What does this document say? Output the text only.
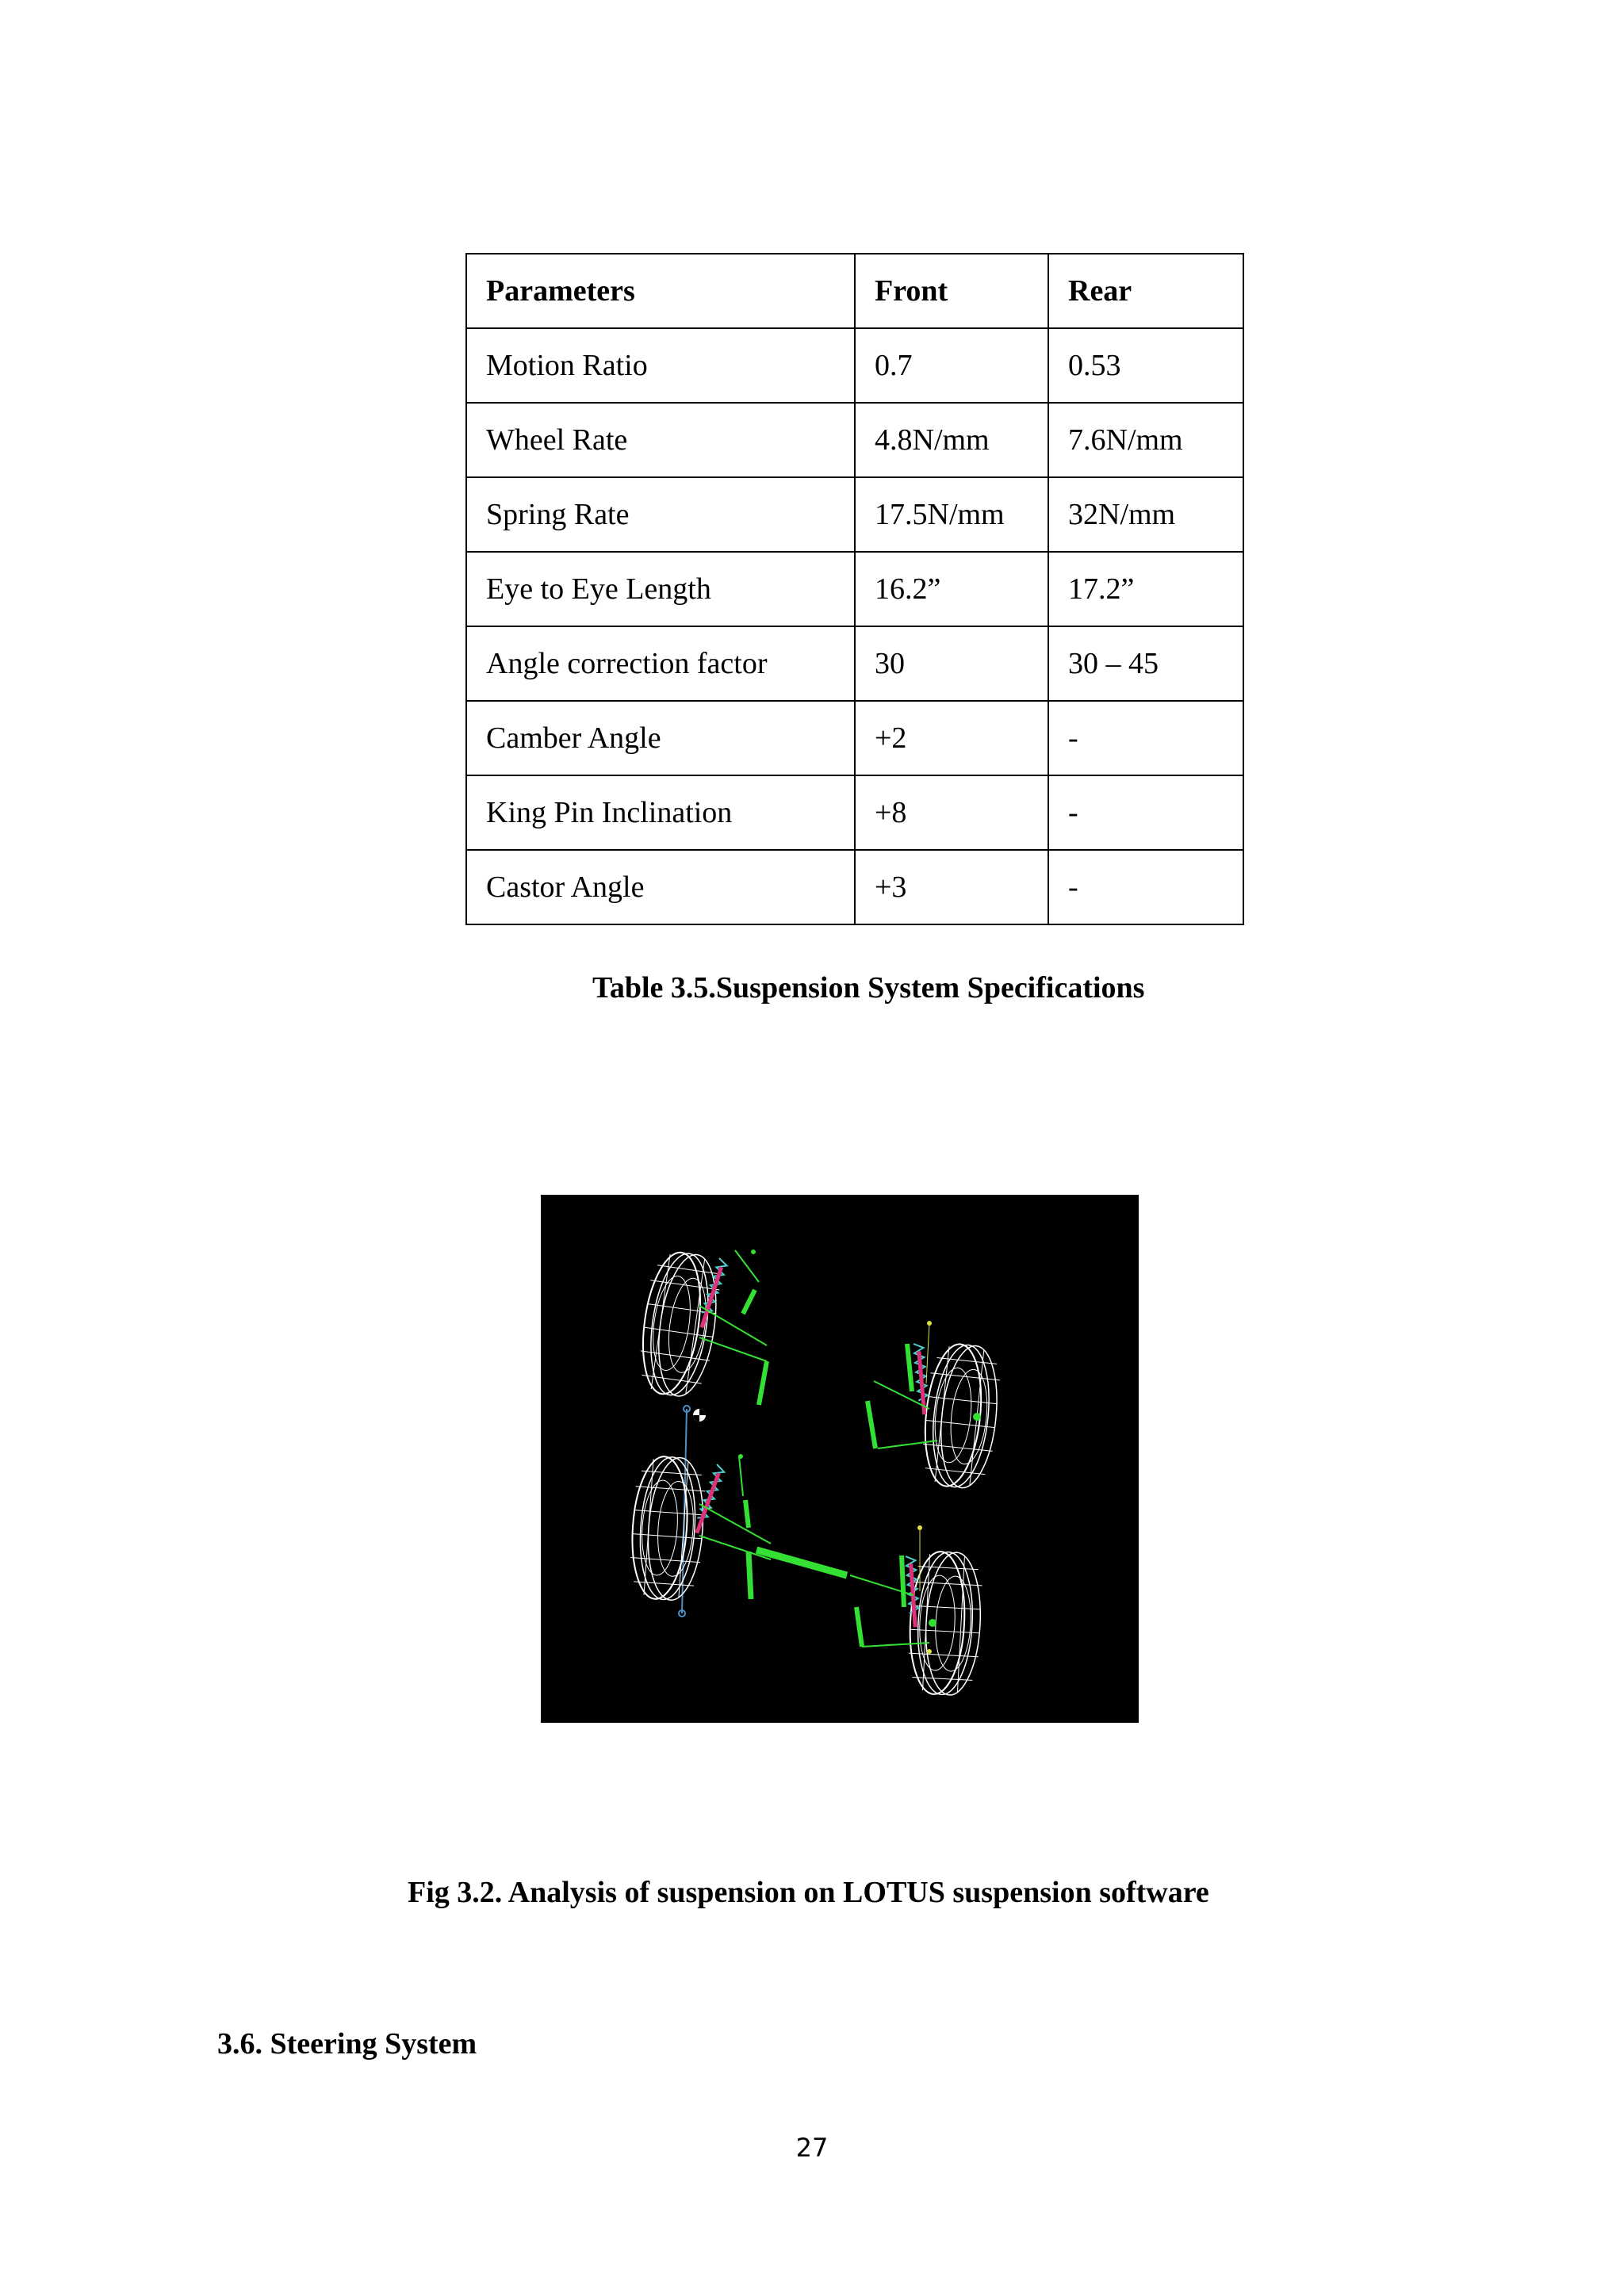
Parameters	Front	Rear
Motion Ratio	0.7	0.53
Wheel Rate	4.8N/mm	7.6N/mm
Spring Rate	17.5N/mm	32N/mm
Eye to Eye Length	16.2”	17.2”
Angle correction factor	30	30 – 45
Camber Angle	+2	-
King Pin Inclination	+8	-
Castor Angle	+3	-
Table 3.5.Suspension System Specifications
Fig 3.2. Analysis of suspension on LOTUS suspension software
3.6. Steering System
27
